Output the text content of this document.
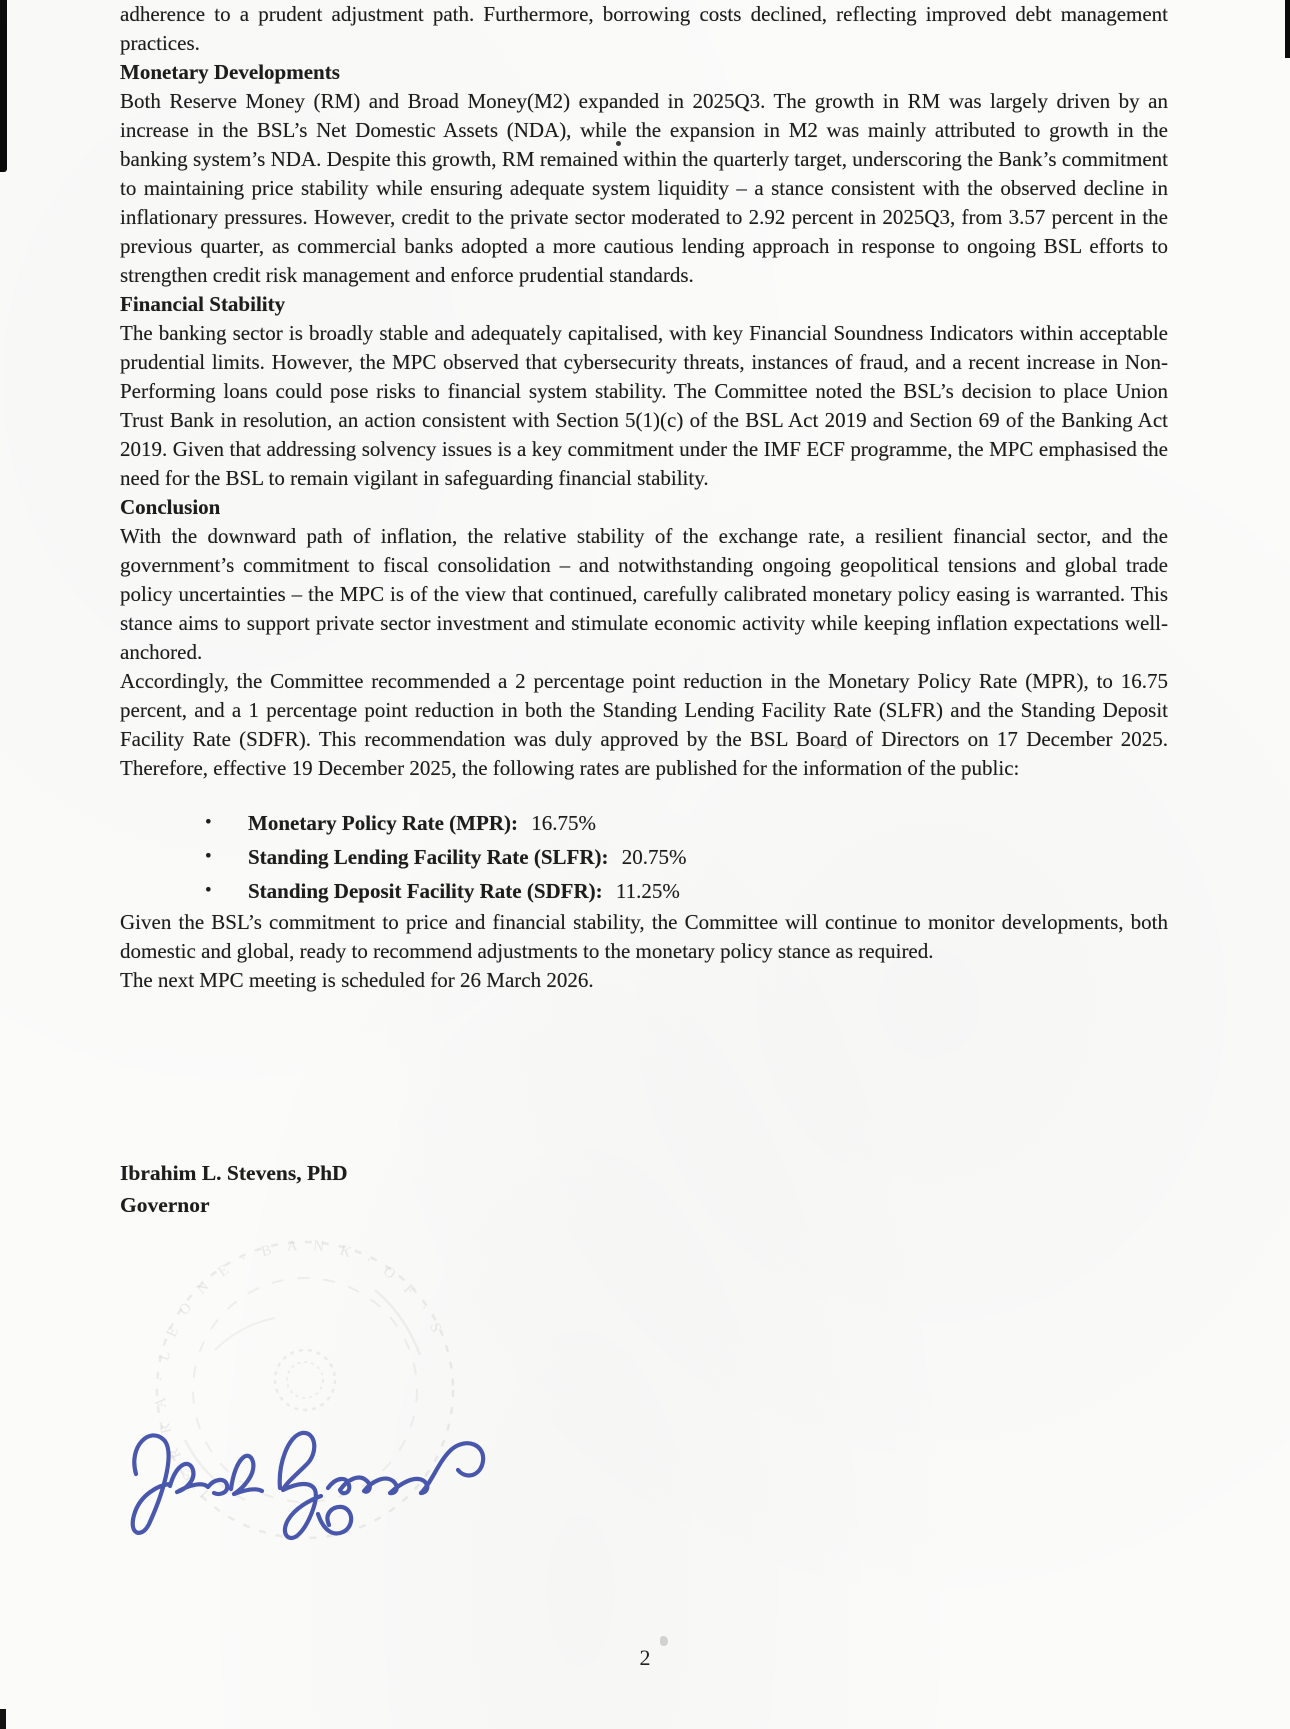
adherence to a prudent adjustment path. Furthermore, borrowing costs declined, reflecting improved debt management practices.

Monetary Developments

Both Reserve Money (RM) and Broad Money(M2) expanded in 2025Q3. The growth in RM was largely driven by an increase in the BSL’s Net Domestic Assets (NDA), while the expansion in M2 was mainly attributed to growth in the banking system’s NDA. Despite this growth, RM remained within the quarterly target, underscoring the Bank’s commitment to maintaining price stability while ensuring adequate system liquidity – a stance consistent with the observed decline in inflationary pressures. However, credit to the private sector moderated to 2.92 percent in 2025Q3, from 3.57 percent in the previous quarter, as commercial banks adopted a more cautious lending approach in response to ongoing BSL efforts to strengthen credit risk management and enforce prudential standards.

Financial Stability

The banking sector is broadly stable and adequately capitalised, with key Financial Soundness Indicators within acceptable prudential limits. However, the MPC observed that cybersecurity threats, instances of fraud, and a recent increase in Non-Performing loans could pose risks to financial system stability. The Committee noted the BSL’s decision to place Union Trust Bank in resolution, an action consistent with Section 5(1)(c) of the BSL Act 2019 and Section 69 of the Banking Act 2019. Given that addressing solvency issues is a key commitment under the IMF ECF programme, the MPC emphasised the need for the BSL to remain vigilant in safeguarding financial stability.

Conclusion

With the downward path of inflation, the relative stability of the exchange rate, a resilient financial sector, and the government’s commitment to fiscal consolidation – and notwithstanding ongoing geopolitical tensions and global trade policy uncertainties – the MPC is of the view that continued, carefully calibrated monetary policy easing is warranted. This stance aims to support private sector investment and stimulate economic activity while keeping inflation expectations well-anchored.

Accordingly, the Committee recommended a 2 percentage point reduction in the Monetary Policy Rate (MPR), to 16.75 percent, and a 1 percentage point reduction in both the Standing Lending Facility Rate (SLFR) and the Standing Deposit Facility Rate (SDFR). This recommendation was duly approved by the BSL Board of Directors on 17 December 2025. Therefore, effective 19 December 2025, the following rates are published for the information of the public:

• Monetary Policy Rate (MPR): 16.75%
• Standing Lending Facility Rate (SLFR): 20.75%
• Standing Deposit Facility Rate (SDFR): 11.25%

Given the BSL’s commitment to price and financial stability, the Committee will continue to monitor developments, both domestic and global, ready to recommend adjustments to the monetary policy stance as required.

The next MPC meeting is scheduled for 26 March 2026.

Ibrahim L. Stevens, PhD
Governor
I E R R A · L E O N E · B A N K · O F · S
2
